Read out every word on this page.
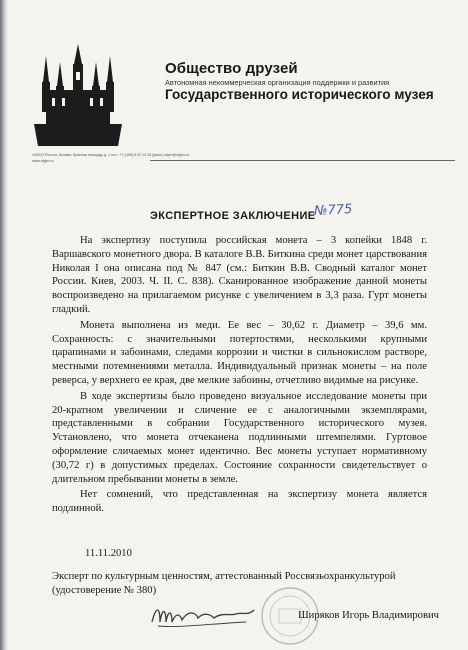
Общество друзей
Автономная некоммерческая организация поддержки и развития
Государственного исторического музея
109012 Россия, Москва, Красная площадь д. 1 тел.: +7 (495) 6 92 13 28 (факс) ofgim@ofgim.ru www.ofgim.ru
ЭКСПЕРТНОЕ ЗАКЛЮЧЕНИЕ
№775

На экспертизу поступила российская монета – 3 копейки 1848 г. Варшавского монетного двора. В каталоге В.В. Биткина среди монет царствования Николая I она описана под № 847 (см.: Биткин В.В. Сводный каталог монет России. Киев, 2003. Ч. II. С. 838). Сканированное изображение данной монеты воспроизведено на прилагаемом рисунке с увеличением в 3,3 раза. Гурт монеты гладкий.

Монета выполнена из меди. Ее вес – 30,62 г. Диаметр – 39,6 мм. Сохранность: с значительными потертостями, несколькими крупными царапинами и забоинами, следами коррозии и чистки в сильнокислом растворе, местными потемнениями металла. Индивидуальный признак монеты – на поле реверса, у верхнего ее края, две мелкие забоины, отчетливо видимые на рисунке.

В ходе экспертизы было проведено визуальное исследование монеты при 20-кратном увеличении и сличение ее с аналогичными экземплярами, представленными в собрании Государственного исторического музея. Установлено, что монета отчеканена подлинными штемпелями. Гуртовое оформление сличаемых монет идентично. Вес монеты уступает нормативному (30,72 г) в допустимых пределах. Состояние сохранности свидетельствует о длительном пребывании монеты в земле.

Нет сомнений, что представленная на экспертизу монета является подлинной.

11.11.2010
Эксперт по культурным ценностям, аттестованный Россвязьохранкультурой
(удостоверение № 380)
Ширяков Игорь Владимирович
